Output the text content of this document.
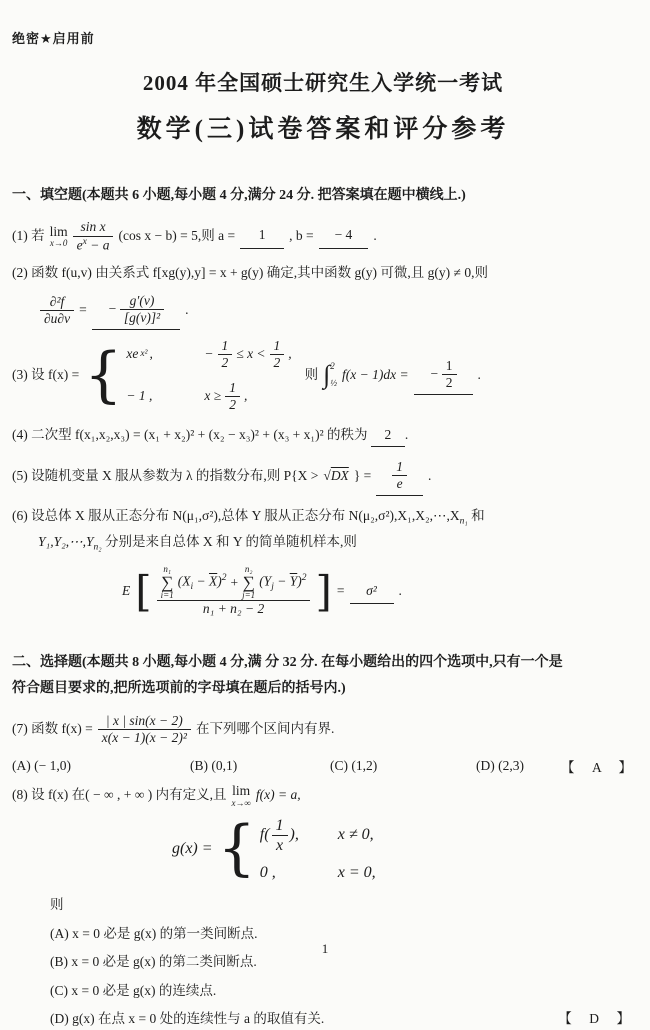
绝密★启用前
2004 年全国硕士研究生入学统一考试
数学(三)试卷答案和评分参考
一、填空题(本题共 6 小题,每小题 4 分,满分 24 分. 把答案填在题中横线上.)
(1) 若 lim
$x\to 0 \frac{\text{sin x}}{e^x - a} (\cos$ x − b) = 5,则 a =	1	, b =	− 4	.
(2) 函数 f(u,v) 由关系式 f[xg(y),y] = x + g(y) 确定,其中函数 g(y) 可微,且 g(y) ≠ 0,则
$\frac{\text{∂²f}}{\partial u\partial v}$ = − $\frac{g'(v)}{\text{[g(v)]²}}$ .
(3) 设 f(x) = { xe x² ,	− $\frac{1}{2} \le x < \frac{1}{2}$ ,
− 1 ,	$x \ge \frac{1}{2}$ ,
则 ∫ 2
½
f(x − 1)dx = − $\frac{1}{2}$ .
(4) 二次型 f(x₁,x₂,x₃) = (x₁ + x₂)² + (x₂ − x₃)² + (x₃ + x₁)² 的秩为 2 .
(5) 设随机变量 X 服从参数为 λ 的指数分布,则 P{X > √DX } = $\frac{1}{e}$ .
(6) 设总体 X 服从正态分布 N(μ₁,σ²),总体 Y 服从正态分布 $N(\mu_2,\sigma^2),X_1,X_2,\cdots,X_{n_1}$ 和
$Y_1,Y_2,\cdots,Y_{n_2}$ 分别是来自总体 X 和 Y 的简单随机样本,则
E [ n₁
∑
i=1
$(X_i - \overline{X})^2$ +
n₂
∑
j=1
$(Y_j - \overline{Y})^2$
n₁ + n₂ − 2	] =	σ²	.
二、选择题(本题共 8 小题,每小题 4 分,满 分 32 分. 在每小题给出的四个选项中,只有一个是
符合题目要求的,把所选项前的字母填在题后的括号内.)
(7) 函数 $f(x) = \frac{| x | \sin(x - 2)}{\text{x(x − 1)(x − 2)²}}$ 在下列哪个区间内有界.
(A) (− 1,0)	(B) (0,1)	(C) (1,2)	(D) (2,3)	【　A　】
(8) 设 f(x) 在( − ∞ , + ∞ ) 内有定义,且 lim
x→∞
f(x) = a,
g(x) = { $f( \frac{1}{x}$ ), x ≠ 0,
0 ,	x = 0,
则
(A) x = 0 必是 g(x) 的第一类间断点.
(B) x = 0 必是 g(x) 的第二类间断点.
(C) x = 0 必是 g(x) 的连续点.
(D) g(x) 在点 x = 0 处的连续性与 a 的取值有关.	【　D　】
1
